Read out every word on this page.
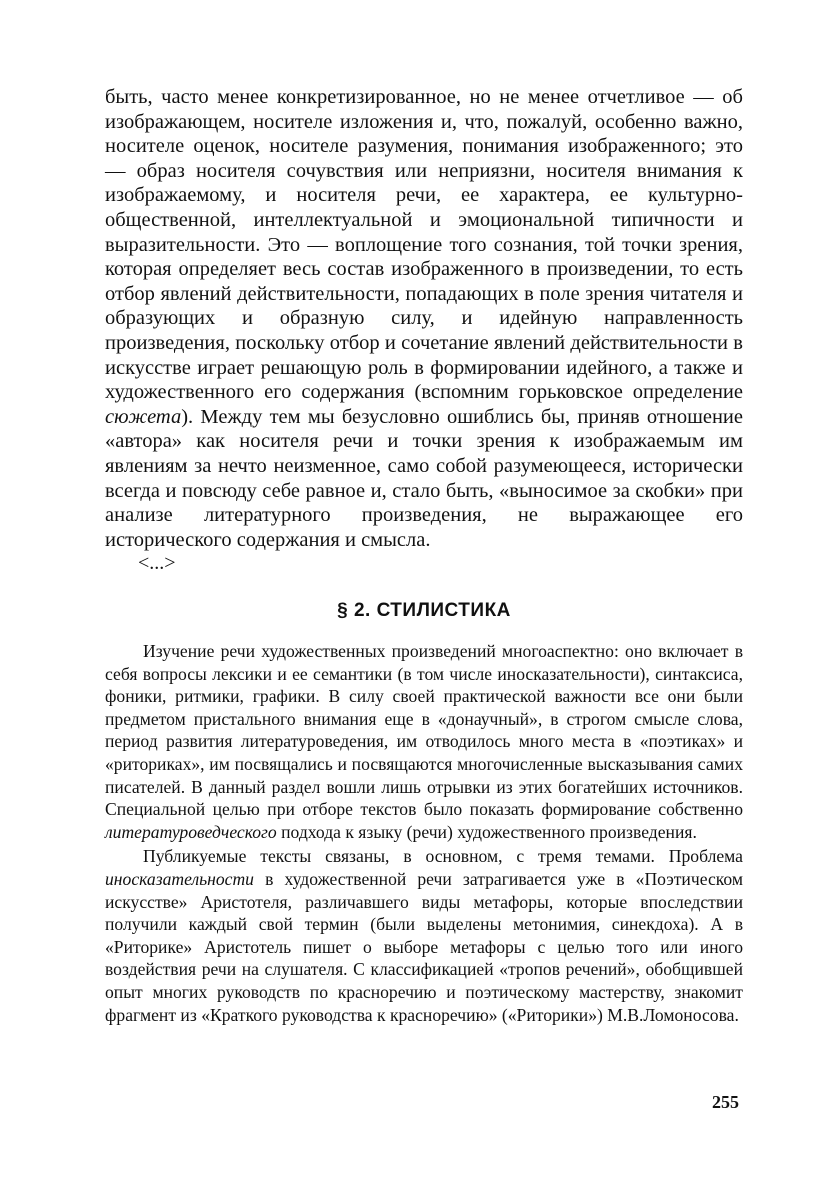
быть, часто менее конкретизированное, но не менее отчетливое — об изображающем, носителе изложения и, что, пожалуй, особенно важно, носителе оценок, носителе разумения, понимания изображенного; это — образ носителя сочувствия или неприязни, носителя внимания к изображаемому, и носителя речи, ее характера, ее культурно-общественной, интеллектуальной и эмоциональной типичности и выразительности. Это — воплощение того сознания, той точки зрения, которая определяет весь состав изображенного в произведении, то есть отбор явлений действительности, попадающих в поле зрения читателя и образующих и образную силу, и идейную направленность произведения, поскольку отбор и сочетание явлений действительности в искусстве играет решающую роль в формировании идейного, а также и художественного его содержания (вспомним горьковское определение сюжета). Между тем мы безусловно ошиблись бы, приняв отношение «автора» как носителя речи и точки зрения к изображаемым им явлениям за нечто неизменное, само собой разумеющееся, исторически всегда и повсюду себе равное и, стало быть, «выносимое за скобки» при анализе литературного произведения, не выражающее его исторического содержания и смысла.

<...>
§ 2. СТИЛИСТИКА

Изучение речи художественных произведений многоаспектно: оно включает в себя вопросы лексики и ее семантики (в том числе иносказательности), синтаксиса, фоники, ритмики, графики. В силу своей практической важности все они были предметом пристального внимания еще в «донаучный», в строгом смысле слова, период развития литературоведения, им отводилось много места в «поэтиках» и «риториках», им посвящались и посвящаются многочисленные высказывания самих писателей. В данный раздел вошли лишь отрывки из этих богатейших источников. Специальной целью при отборе текстов было показать формирование собственно литературоведческого подхода к языку (речи) художественного произведения.

Публикуемые тексты связаны, в основном, с тремя темами. Проблема иносказательности в художественной речи затрагивается уже в «Поэтическом искусстве» Аристотеля, различавшего виды метафоры, которые впоследствии получили каждый свой термин (были выделены метонимия, синекдоха). А в «Риторике» Аристотель пишет о выборе метафоры с целью того или иного воздействия речи на слушателя. С классификацией «тропов речений», обобщившей опыт многих руководств по красноречию и поэтическому мастерству, знакомит фрагмент из «Краткого руководства к красноречию» («Риторики») М.В.Ломоносова.

255
